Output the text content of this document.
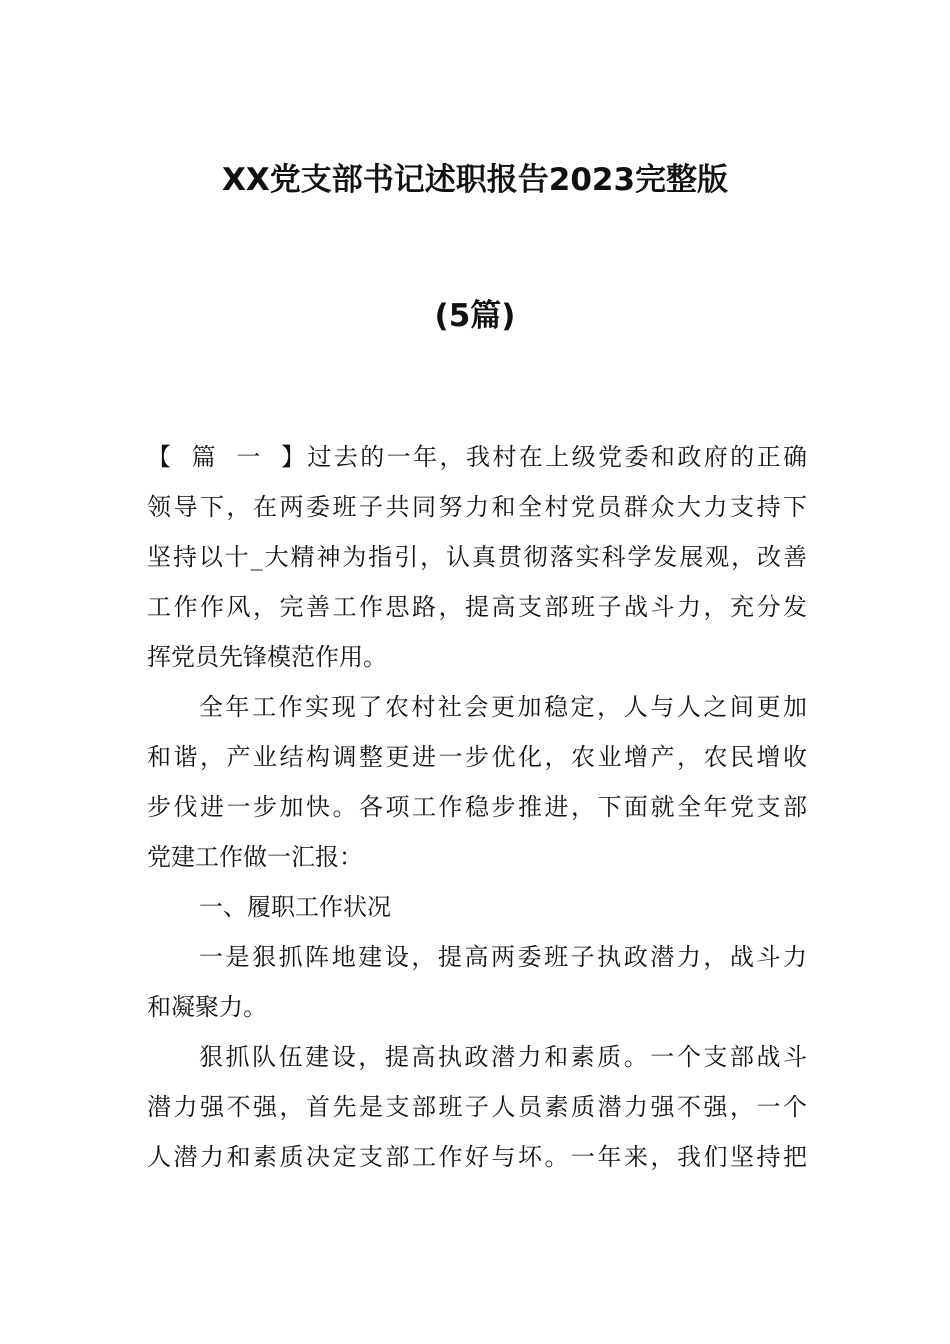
XX党支部书记述职报告2023完整版
(5篇)
【篇一】过去的一年，我村在上级党委和政府的正确
领导下，在两委班子共同努力和全村党员群众大力支持下
坚持以十_大精神为指引，认真贯彻落实科学发展观，改善
工作作风，完善工作思路，提高支部班子战斗力，充分发
挥党员先锋模范作用。
全年工作实现了农村社会更加稳定，人与人之间更加
和谐，产业结构调整更进一步优化，农业增产，农民增收
步伐进一步加快。各项工作稳步推进，下面就全年党支部
党建工作做一汇报：
一、履职工作状况
一是狠抓阵地建设，提高两委班子执政潜力，战斗力
和凝聚力。
狠抓队伍建设，提高执政潜力和素质。一个支部战斗
潜力强不强，首先是支部班子人员素质潜力强不强，一个
人潜力和素质决定支部工作好与坏。一年来，我们坚持把
